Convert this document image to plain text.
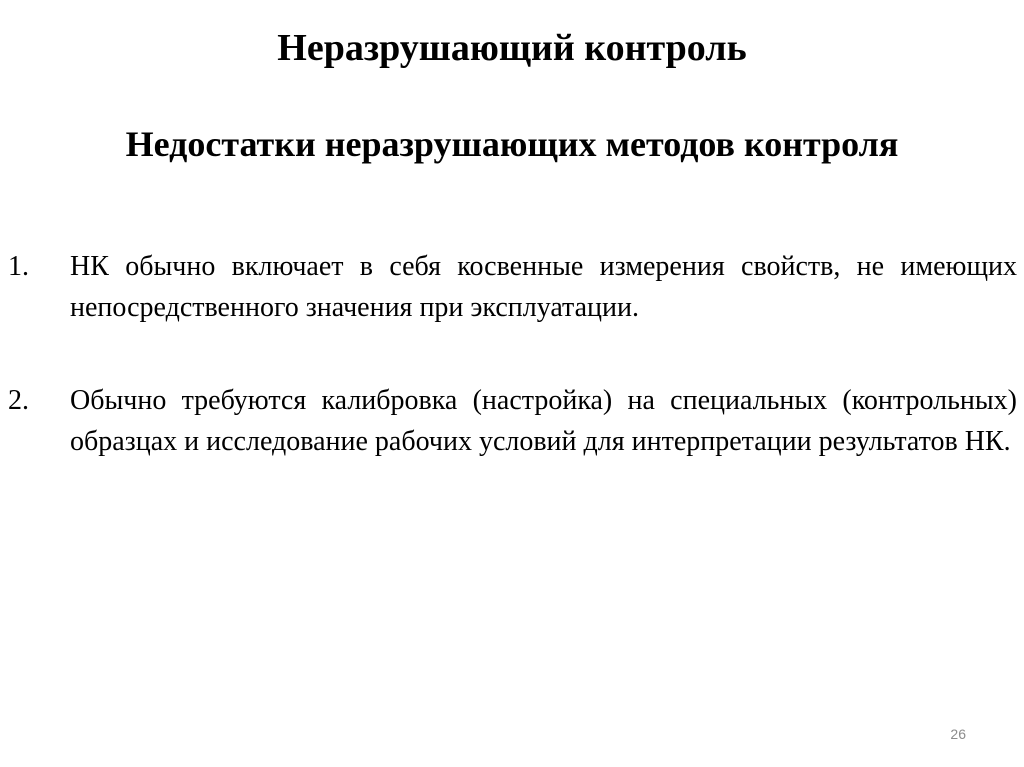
Неразрушающий контроль
Недостатки неразрушающих методов контроля
1.	НК обычно включает в себя косвенные измерения свойств, не имеющих непосредственного значения при эксплуатации.
2.	Обычно требуются калибровка (настройка) на специальных (контрольных) образцах и исследование рабочих условий для интерпретации результатов НК.
26
